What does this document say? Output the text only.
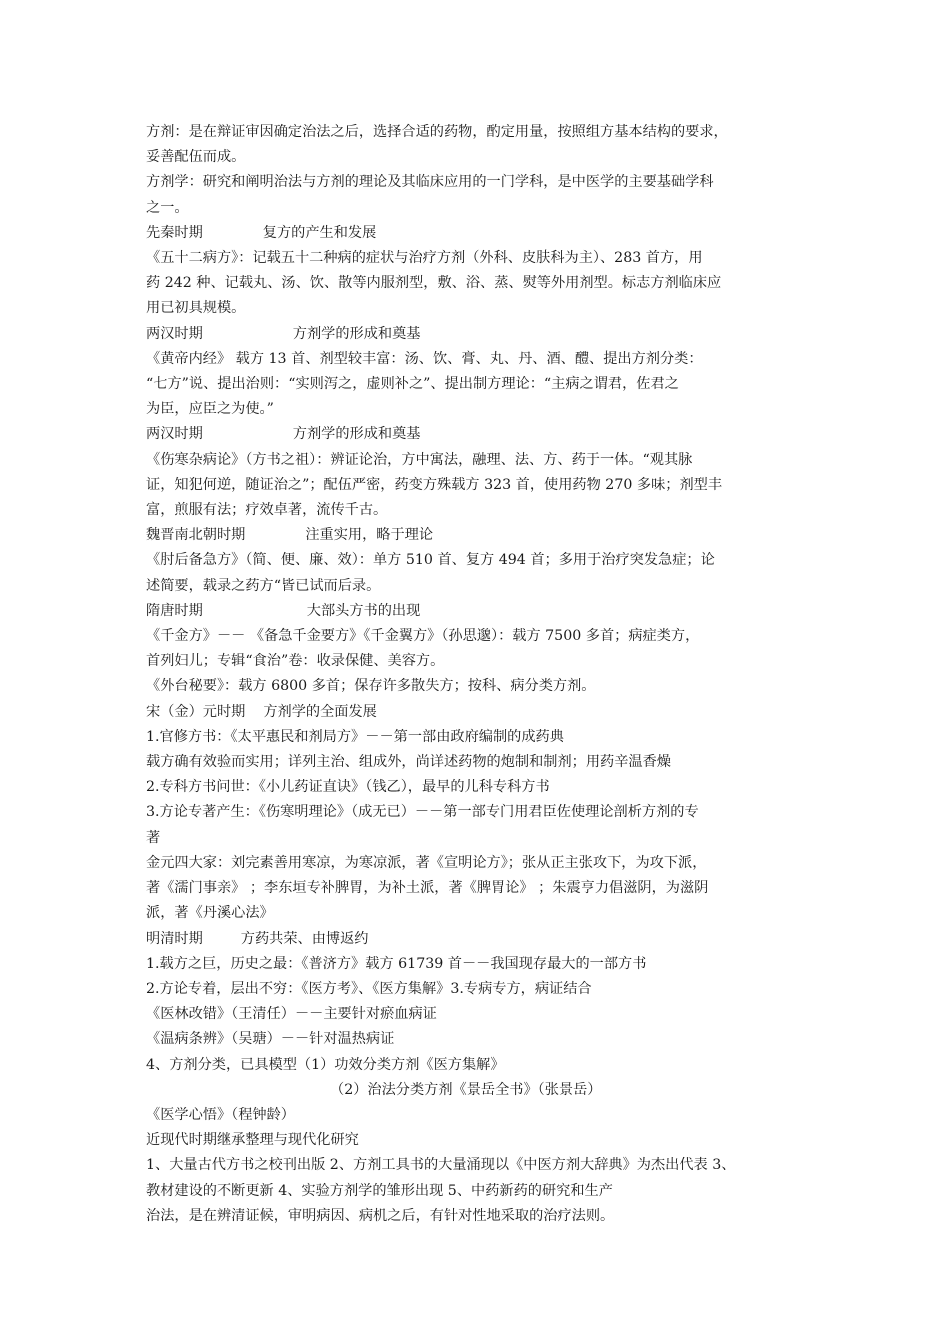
方剂：是在辩证审因确定治法之后，选择合适的药物，酌定用量，按照组方基本结构的要求，
妥善配伍而成。
方剂学：研究和阐明治法与方剂的理论及其临床应用的一门学科，是中医学的主要基础学科
之一。
先秦时期	复方的产生和发展
《五十二病方》：记载五十二种病的症状与治疗方剂（外科、皮肤科为主）、283 首方，用
药 242 种、记载丸、汤、饮、散等内服剂型，敷、浴、蒸、熨等外用剂型。标志方剂临床应
用已初具规模。
两汉时期	方剂学的形成和奠基
《黄帝内经》 载方 13 首、剂型较丰富：汤、饮、膏、丸、丹、酒、醴、提出方剂分类：
“七方”说、提出治则：“实则泻之，虚则补之”、提出制方理论：“主病之谓君，佐君之
为臣，应臣之为使。”
两汉时期	方剂学的形成和奠基
《伤寒杂病论》（方书之祖）：辨证论治，方中寓法，融理、法、方、药于一体。“观其脉
证，知犯何逆，随证治之”；配伍严密，药变方殊载方 323 首，使用药物 270 多味；剂型丰
富，煎服有法；疗效卓著，流传千古。
魏晋南北朝时期	注重实用，略于理论
《肘后备急方》（简、便、廉、效）：单方 510 首、复方 494 首；多用于治疗突发急症；论
述简要，载录之药方“皆已试而后录。
隋唐时期	大部头方书的出现
《千金方》－－ 《备急千金要方》《千金翼方》（孙思邈）：载方 7500 多首；病症类方，
首列妇儿；专辑“食治”卷：收录保健、美容方。
《外台秘要》：载方 6800 多首；保存许多散失方；按科、病分类方剂。
宋（金）元时期 方剂学的全面发展
1.官修方书：《太平惠民和剂局方》－－第一部由政府编制的成药典
载方确有效验而实用；详列主治、组成外，尚详述药物的炮制和制剂；用药辛温香燥
2.专科方书问世：《小儿药证直诀》（钱乙），最早的儿科专科方书
3.方论专著产生：《伤寒明理论》（成无已）－－第一部专门用君臣佐使理论剖析方剂的专
著
金元四大家：刘完素善用寒凉，为寒凉派，著《宣明论方》；张从正主张攻下，为攻下派，
著《濡门事亲》 ；李东垣专补脾胃，为补土派，著《脾胃论》 ；朱震亨力倡滋阴，为滋阴
派，著《丹溪心法》
明清时期	方药共荣、由博返约
1.载方之巨，历史之最：《普济方》载方 61739 首－－我国现存最大的一部方书
2.方论专着，层出不穷：《医方考》、《医方集解》3.专病专方，病证结合
《医林改错》（王清任）－－主要针对瘀血病证
《温病条辨》（吴瑭）－－针对温热病证
4、方剂分类，已具模型（1）功效分类方剂《医方集解》
（2）治法分类方剂《景岳全书》（张景岳）
《医学心悟》（程钟龄）
近现代时期继承整理与现代化研究
1、大量古代方书之校刊出版 2、方剂工具书的大量涌现以《中医方剂大辞典》为杰出代表 3、
教材建设的不断更新 4、实验方剂学的雏形出现 5、中药新药的研究和生产
治法，是在辨清证候，审明病因、病机之后，有针对性地采取的治疗法则。
